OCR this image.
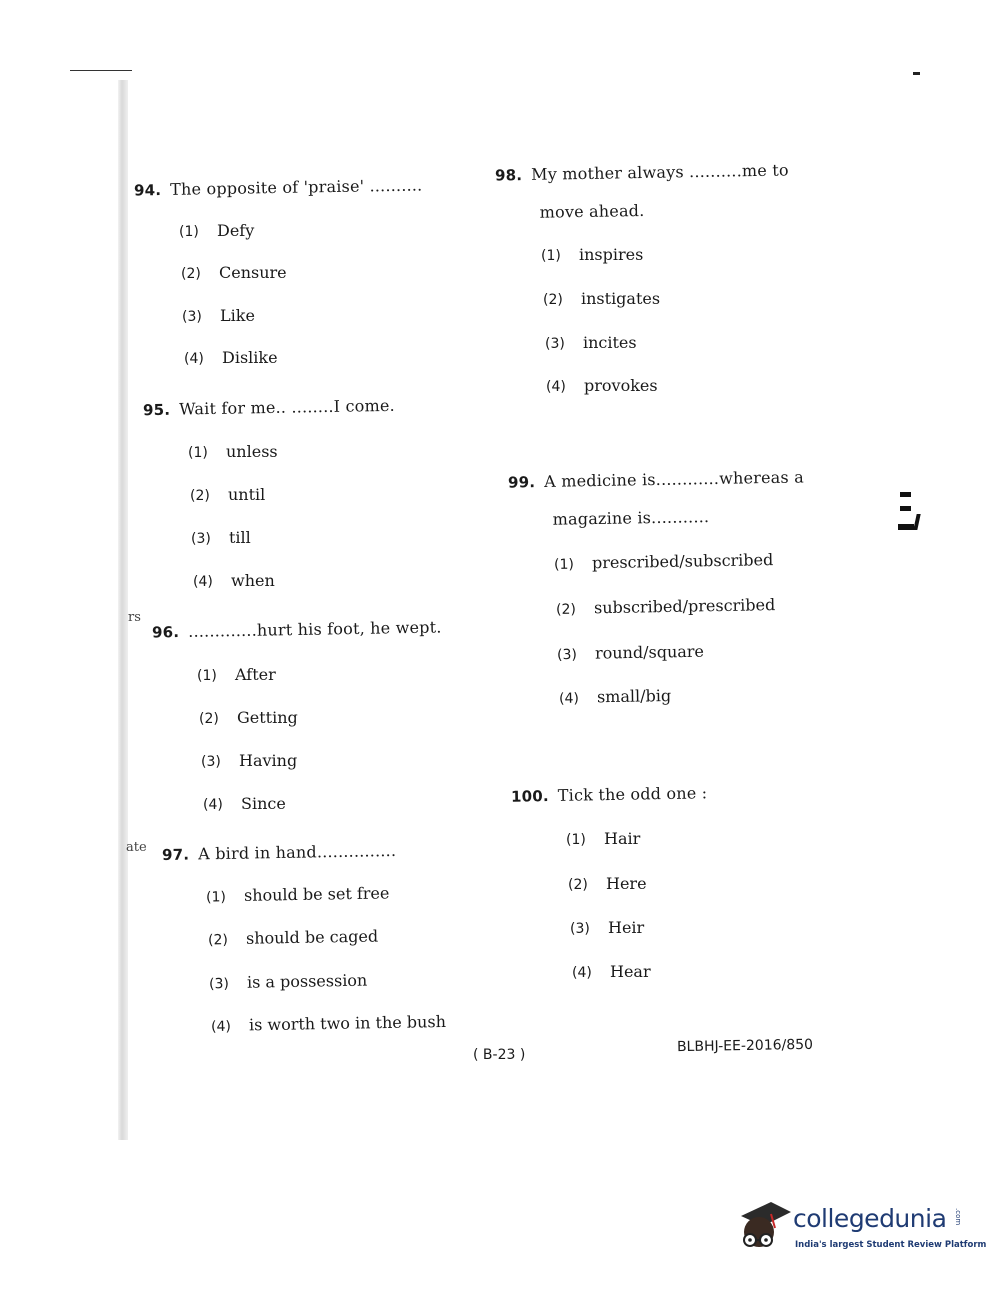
rs
ate
94. The opposite of 'praise' ..........
(1) Defy
(2) Censure
(3) Like
(4) Dislike
95. Wait for me.. ........I come.
(1) unless
(2) until
(3) till
(4) when
96. .............hurt his foot, he wept.
(1) After
(2) Getting
(3) Having
(4) Since
97. A bird in hand...............
(1) should be set free
(2) should be caged
(3) is a possession
(4) is worth two in the bush
98. My mother always ..........me to
move ahead.
(1) inspires
(2) instigates
(3) incites
(4) provokes
99. A medicine is............whereas a
magazine is...........
(1) prescribed/subscribed
(2) subscribed/prescribed
(3) round/square
(4) small/big
100. Tick the odd one :
(1) Hair
(2) Here
(3) Heir
(4) Hear
( B-23 )	BLBHJ-EE-2016/850
collegedunia .com
India's largest Student Review Platform
